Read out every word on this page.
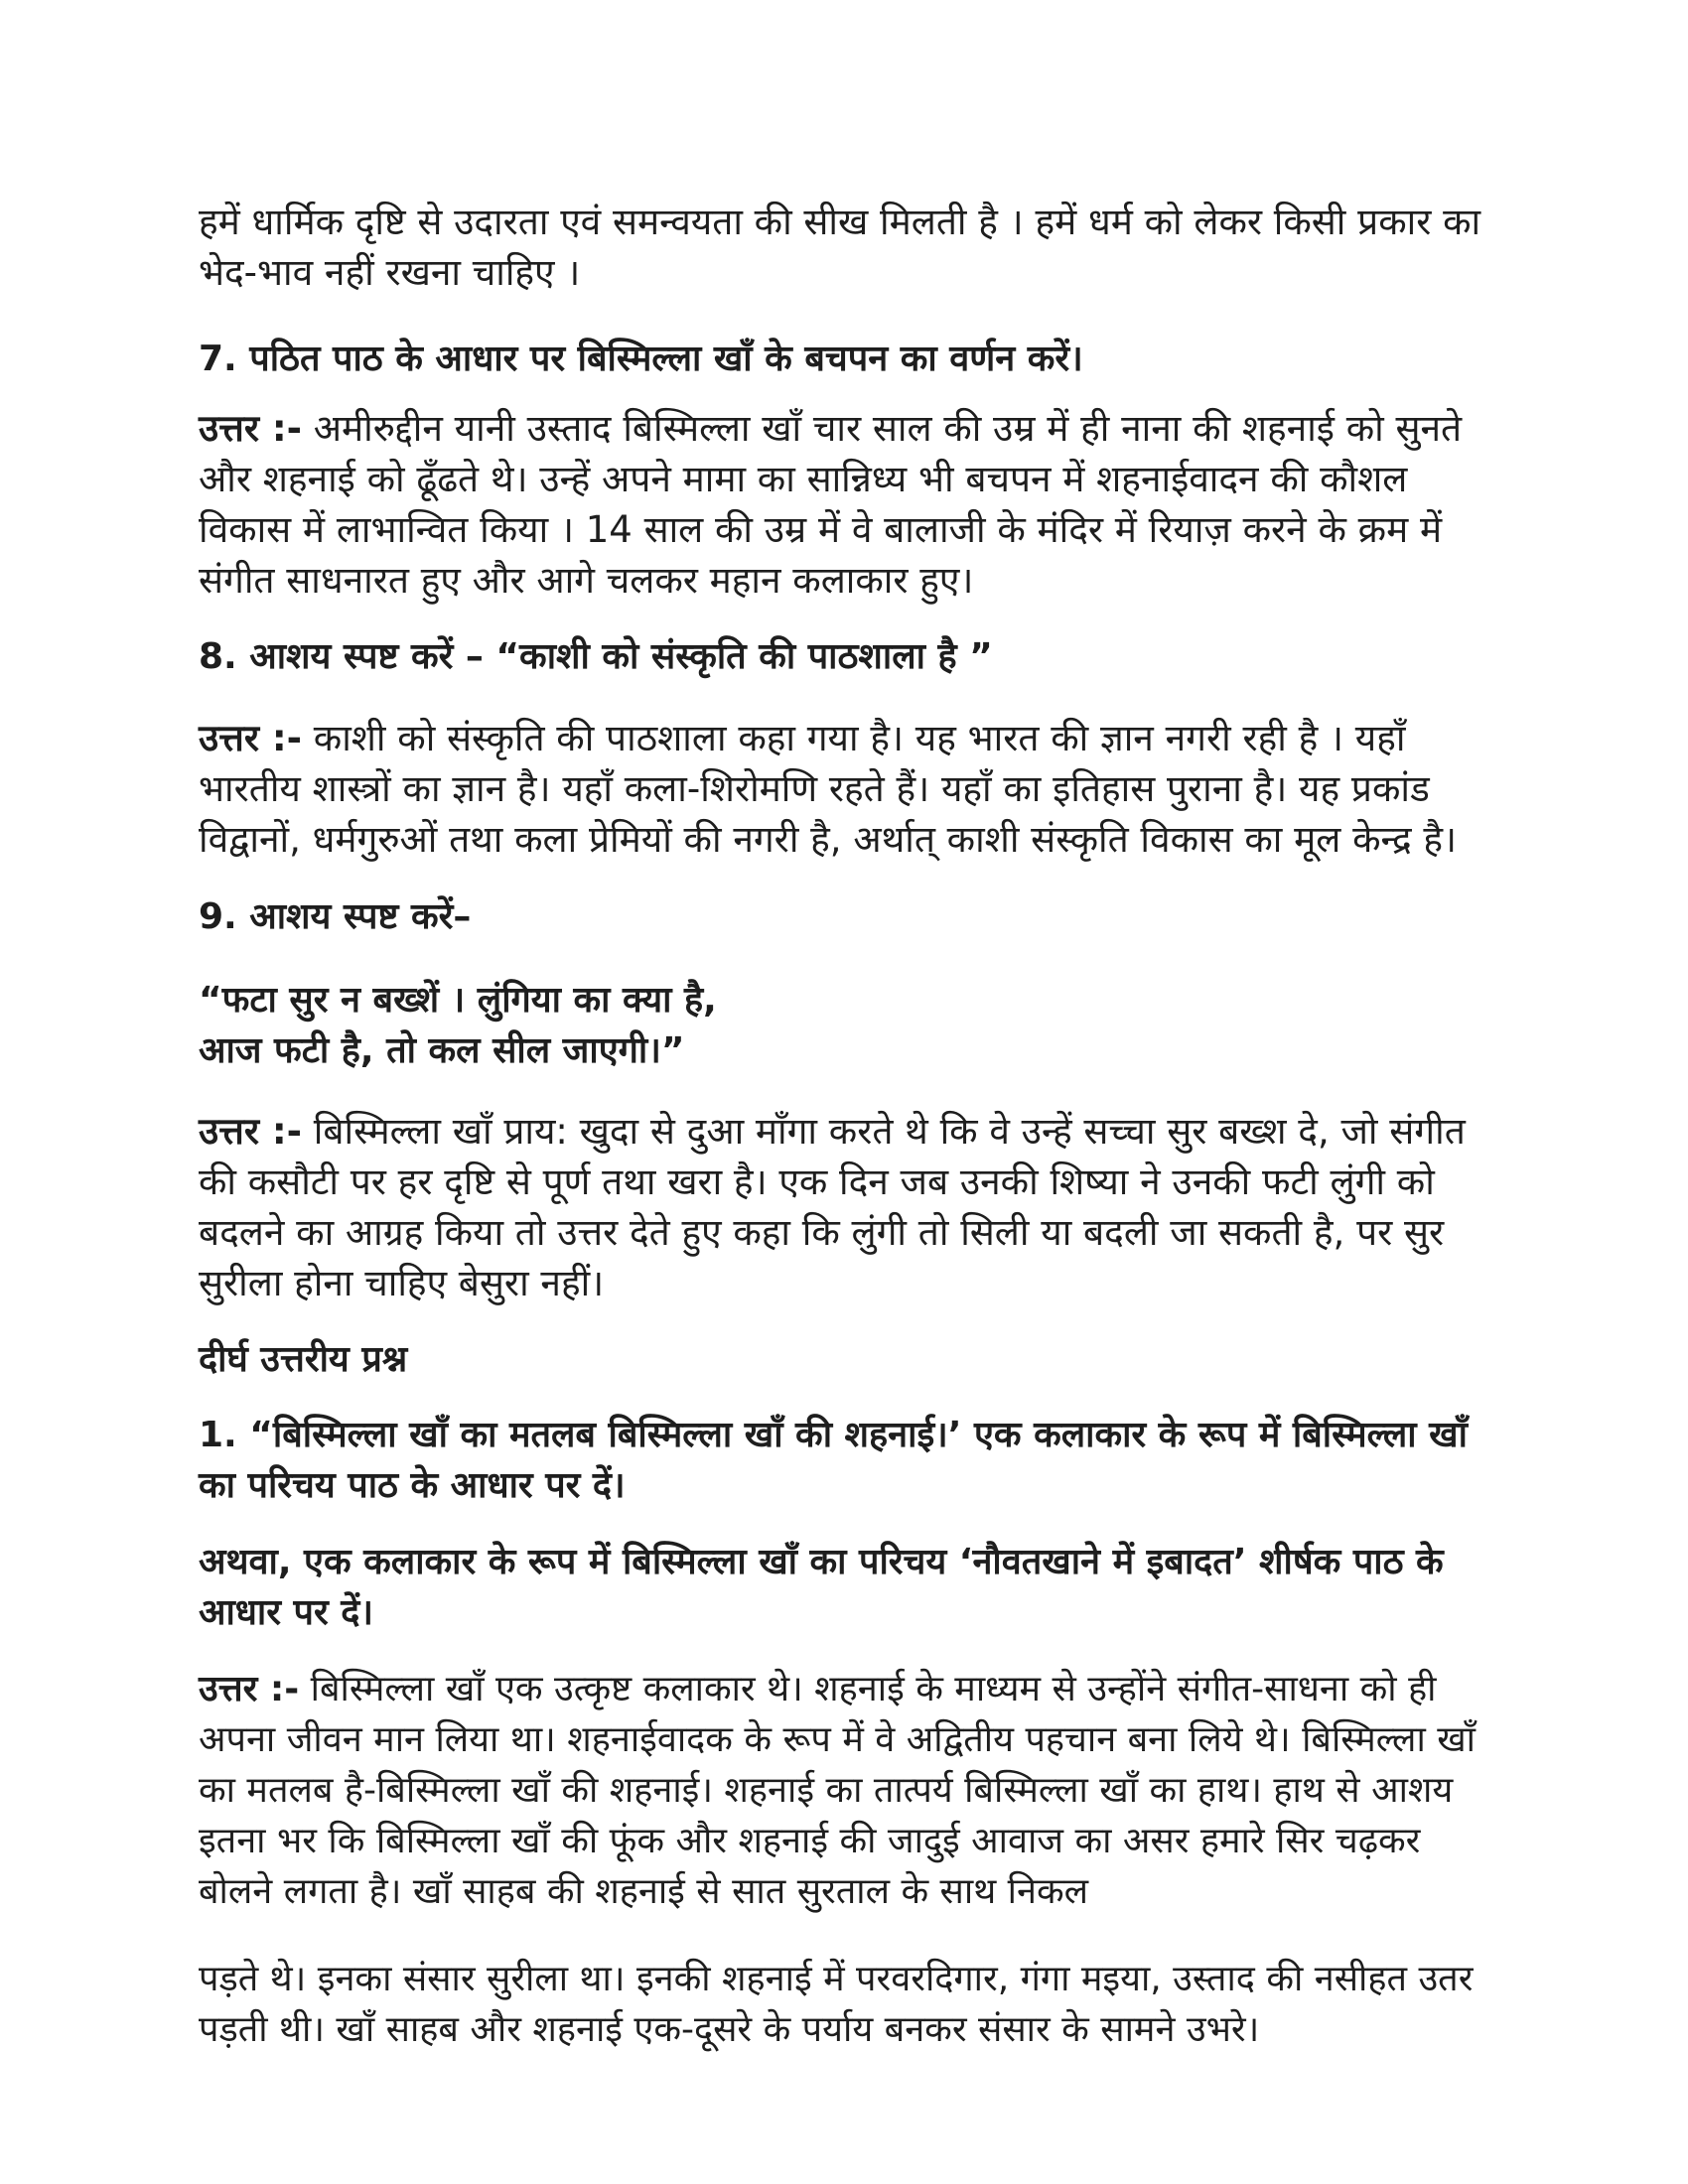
हमें धार्मिक दृष्टि से उदारता एवं समन्वयता की सीख मिलती है । हमें धर्म को लेकर किसी प्रकार का भेद-भाव नहीं रखना चाहिए ।

7. पठित पाठ के आधार पर बिस्मिल्ला खाँ के बचपन का वर्णन करें।

उत्तर :- अमीरुद्दीन यानी उस्ताद बिस्मिल्ला खाँ चार साल की उम्र में ही नाना की शहनाई को सुनते और शहनाई को ढूँढते थे। उन्हें अपने मामा का सान्निध्य भी बचपन में शहनाईवादन की कौशल विकास में लाभान्वित किया । 14 साल की उम्र में वे बालाजी के मंदिर में रियाज़ करने के क्रम में संगीत साधनारत हुए और आगे चलकर महान कलाकार हुए।

8. आशय स्पष्ट करें – “काशी को संस्कृति की पाठशाला है ”

उत्तर :- काशी को संस्कृति की पाठशाला कहा गया है। यह भारत की ज्ञान नगरी रही है । यहाँ भारतीय शास्त्रों का ज्ञान है। यहाँ कला-शिरोमणि रहते हैं। यहाँ का इतिहास पुराना है। यह प्रकांड विद्वानों, धर्मगुरुओं तथा कला प्रेमियों की नगरी है, अर्थात् काशी संस्कृति विकास का मूल केन्द्र है।

9. आशय स्पष्ट करें–
“फटा सुर न बख्शें । लुंगिया का क्या है,
आज फटी है, तो कल सील जाएगी।”

उत्तर :- बिस्मिल्ला खाँ प्राय: खुदा से दुआ माँगा करते थे कि वे उन्हें सच्चा सुर बख्श दे, जो संगीत की कसौटी पर हर दृष्टि से पूर्ण तथा खरा है। एक दिन जब उनकी शिष्या ने उनकी फटी लुंगी को बदलने का आग्रह किया तो उत्तर देते हुए कहा कि लुंगी तो सिली या बदली जा सकती है, पर सुर सुरीला होना चाहिए बेसुरा नहीं।

दीर्घ उत्तरीय प्रश्न
1. “बिस्मिल्ला खाँ का मतलब बिस्मिल्ला खाँ की शहनाई।’ एक कलाकार के रूप में बिस्मिल्ला खाँ का परिचय पाठ के आधार पर दें।
अथवा, एक कलाकार के रूप में बिस्मिल्ला खाँ का परिचय ‘नौवतखाने में इबादत’ शीर्षक पाठ के आधार पर दें।

उत्तर :- बिस्मिल्ला खाँ एक उत्कृष्ट कलाकार थे। शहनाई के माध्यम से उन्होंने संगीत-साधना को ही अपना जीवन मान लिया था। शहनाईवादक के रूप में वे अद्वितीय पहचान बना लिये थे। बिस्मिल्ला खाँ का मतलब है-बिस्मिल्ला खाँ की शहनाई। शहनाई का तात्पर्य बिस्मिल्ला खाँ का हाथ। हाथ से आशय इतना भर कि बिस्मिल्ला खाँ की फूंक और शहनाई की जादुई आवाज का असर हमारे सिर चढ़कर बोलने लगता है। खाँ साहब की शहनाई से सात सुरताल के साथ निकल

पड़ते थे। इनका संसार सुरीला था। इनकी शहनाई में परवरदिगार, गंगा मइया, उस्ताद की नसीहत उतर पड़ती थी। खाँ साहब और शहनाई एक-दूसरे के पर्याय बनकर संसार के सामने उभरे।
